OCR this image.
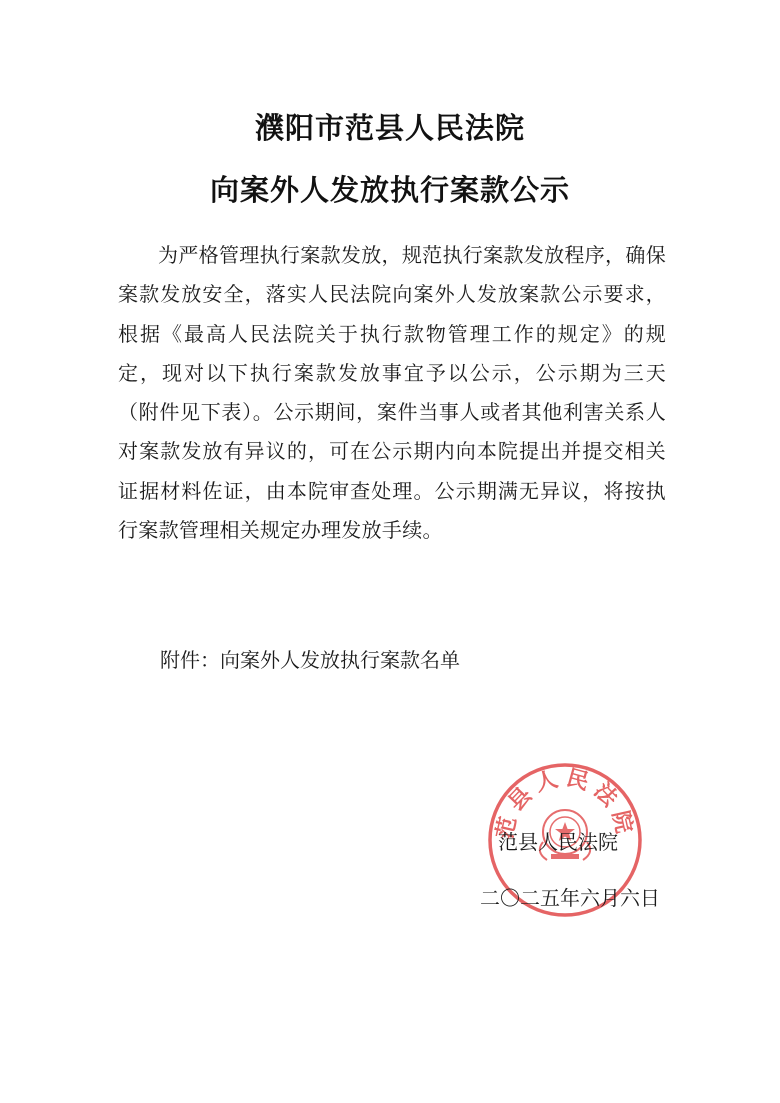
濮阳市范县人民法院
向案外人发放执行案款公示

为严格管理执行案款发放，规范执行案款发放程序，确保案款发放安全，落实人民法院向案外人发放案款公示要求，根据《最高人民法院关于执行款物管理工作的规定》的规定，现对以下执行案款发放事宜予以公示，公示期为三天（附件见下表）。公示期间，案件当事人或者其他利害关系人对案款发放有异议的，可在公示期内向本院提出并提交相关证据材料佐证，由本院审查处理。公示期满无异议，将按执行案款管理相关规定办理发放手续。

附件：向案外人发放执行案款名单
范县人民法院
范县人民法院
二〇二五年六月六日
